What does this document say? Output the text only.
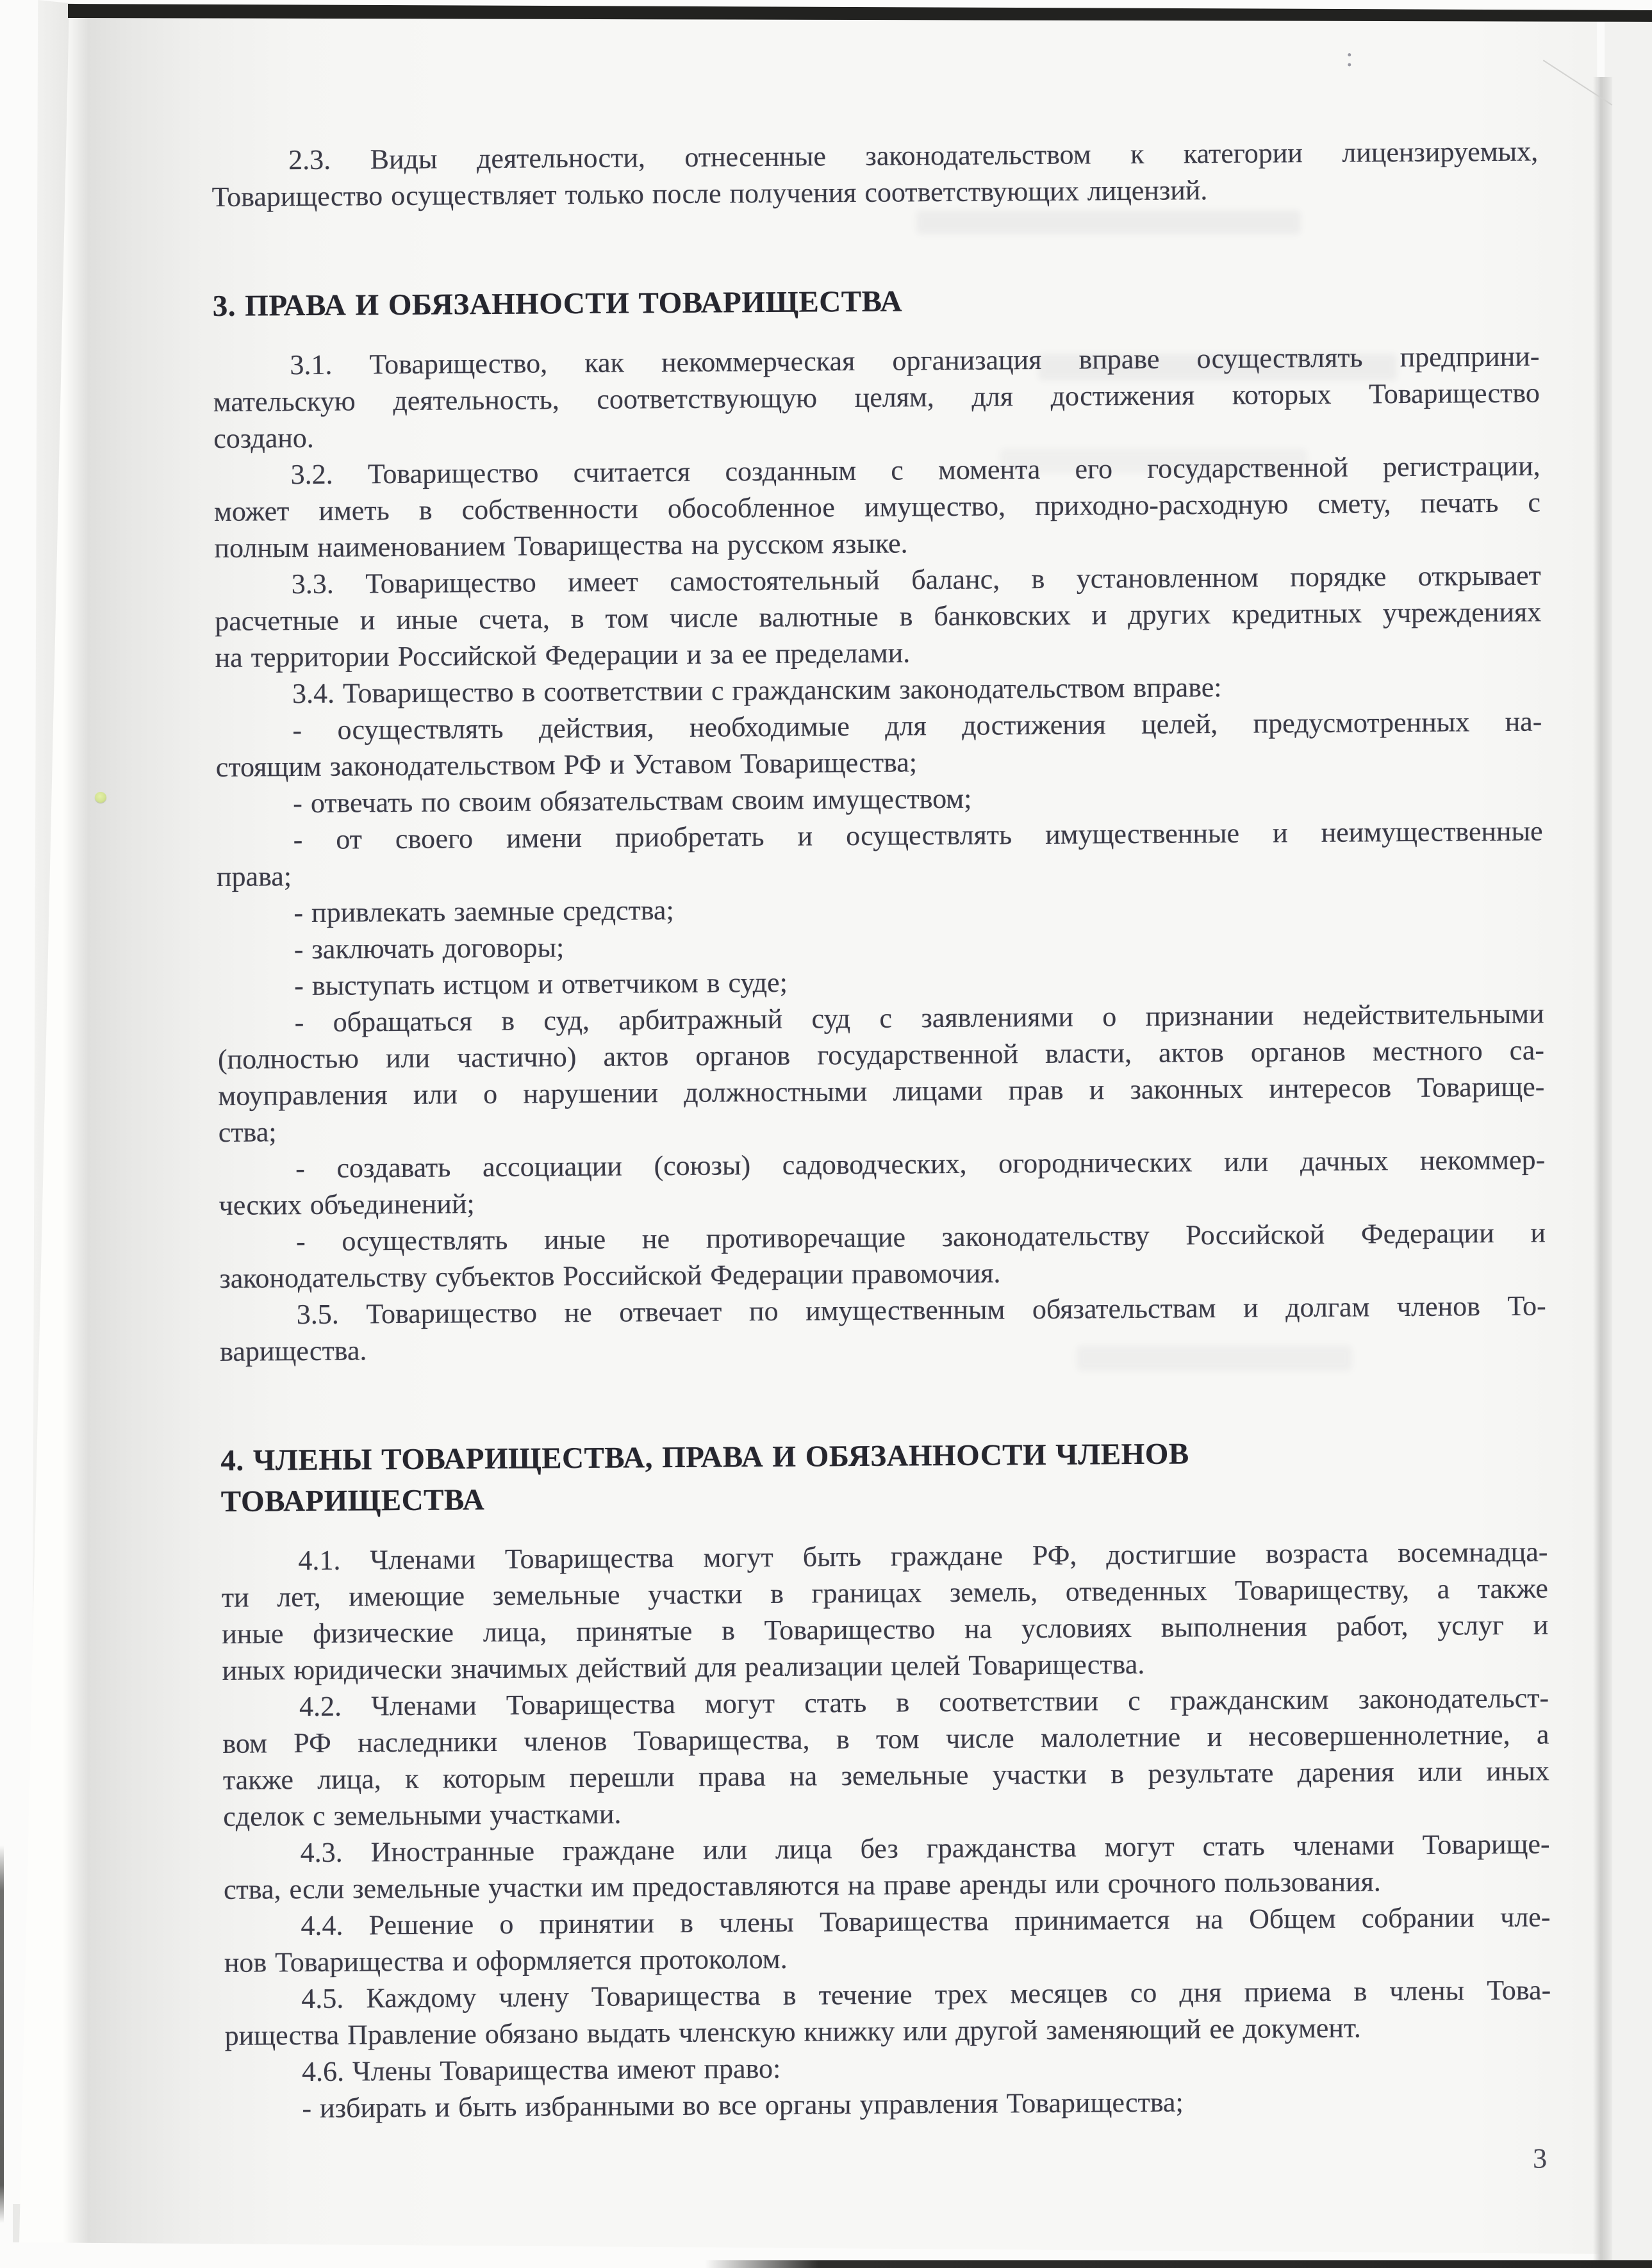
:
3
2.3. Виды деятельности, отнесенные законодательством к категории лицензируемых,
Товарищество осуществляет только после получения соответствующих лицензий.
3. ПРАВА И ОБЯЗАННОСТИ ТОВАРИЩЕСТВА
3.1. Товарищество, как некоммерческая организация вправе осуществлять предприни-
мательскую деятельность, соответствующую целям, для достижения которых Товарищество
создано.
3.2. Товарищество считается созданным с момента его государственной регистрации,
может иметь в собственности обособленное имущество, приходно-расходную смету, печать с
полным наименованием Товарищества на русском языке.
3.3. Товарищество имеет самостоятельный баланс, в установленном порядке открывает
расчетные и иные счета, в том числе валютные в банковских и других кредитных учреждениях
на территории Российской Федерации и за ее пределами.
3.4. Товарищество в соответствии с гражданским законодательством вправе:
- осуществлять действия, необходимые для достижения целей, предусмотренных на-
стоящим законодательством РФ и Уставом Товарищества;
- отвечать по своим обязательствам своим имуществом;
- от своего имени приобретать и осуществлять имущественные и неимущественные
права;
- привлекать заемные средства;
- заключать договоры;
- выступать истцом и ответчиком в суде;
- обращаться в суд, арбитражный суд с заявлениями о признании недействительными
(полностью или частично) актов органов государственной власти, актов органов местного са-
моуправления или о нарушении должностными лицами прав и законных интересов Товарище-
ства;
- создавать ассоциации (союзы) садоводческих, огороднических или дачных некоммер-
ческих объединений;
- осуществлять иные не противоречащие законодательству Российской Федерации и
законодательству субъектов Российской Федерации правомочия.
3.5. Товарищество не отвечает по имущественным обязательствам и долгам членов То-
варищества.
4. ЧЛЕНЫ ТОВАРИЩЕСТВА, ПРАВА И ОБЯЗАННОСТИ ЧЛЕНОВ
ТОВАРИЩЕСТВА
4.1. Членами Товарищества могут быть граждане РФ, достигшие возраста восемнадца-
ти лет, имеющие земельные участки в границах земель, отведенных Товариществу, а также
иные физические лица, принятые в Товарищество на условиях выполнения работ, услуг и
иных юридически значимых действий для реализации целей Товарищества.
4.2. Членами Товарищества могут стать в соответствии с гражданским законодательст-
вом РФ наследники членов Товарищества, в том числе малолетние и несовершеннолетние, а
также лица, к которым перешли права на земельные участки в результате дарения или иных
сделок с земельными участками.
4.3. Иностранные граждане или лица без гражданства могут стать членами Товарище-
ства, если земельные участки им предоставляются на праве аренды или срочного пользования.
4.4. Решение о принятии в члены Товарищества принимается на Общем собрании чле-
нов Товарищества и оформляется протоколом.
4.5. Каждому члену Товарищества в течение трех месяцев со дня приема в члены Това-
рищества Правление обязано выдать членскую книжку или другой заменяющий ее документ.
4.6. Члены Товарищества имеют право:
- избирать и быть избранными во все органы управления Товарищества;
